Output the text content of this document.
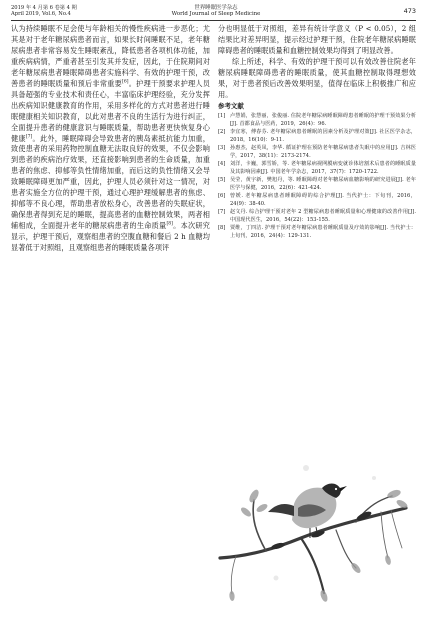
2019 年 4 月第 6 卷第 4 期
April 2019, Vol.6, No.4
世界睡眠医学杂志
World Journal of Sleep Medicine	473

认为持续睡眠不足会使与年龄相关的慢性疾病进一步恶化；尤其是对于老年糖尿病患者而言，如果长时间睡眠不足，老年糖尿病患者非常容易发生睡眠紊乱，降低患者各项机体功能，加重疾病病情，严重者甚至引发其并发症，因此，于住院期间对老年糖尿病患者睡眠障碍患者实施科学、有效的护理干预，改善患者的睡眠质量和预后非常重要[6]。护理干预要求护理人员具备超强的专业技术和责任心，丰富临床护理经验，充分发挥出疾病知识健康教育的作用，采用多样化的方式对患者进行睡眠健康相关知识教育，以此对患者不良的生活行为进行纠正，全面提升患者的健康意识与睡眠质量，帮助患者更快恢复身心健康[7]。此外，睡眠障碍会导致患者的胰岛素抵抗能力加重，致使患者的采用药物控制血糖无法取良好的效果，不仅会影响到患者的疾病治疗效果，还直接影响到患者的生命质量，加重患者的焦虑、抑郁等负性情绪加重，而后这的负性情绪又会导致睡眠障碍更加严重，因此，护理人员必须针对这一情况，对患者实施全方位的护理干预，通过心理护理缓解患者的焦虑、抑郁等不良心理，帮助患者放松身心，改善患者的失眠症状，确保患者得到充足的睡眠，提高患者的血糖控制效果，两者相辅相成，全面提升老年的糖尿病患者的生命质量[8]。本次研究显示，护理干预后，观察组患者的空腹血糖和餐后 2 h 血糖均显著低于对照组，且观察组患者的睡眠质量各项评

分也明显低于对照组，差异有统计学意义（P < 0.05），2 组结果比对差异明显，提示经过护理干预，住院老年糖尿病睡眠障碍患者的睡眠质量和血糖控制效果均得到了明显改善。

综上所述，科学、有效的护理干预可以有效改善住院老年糖尿病睡眠障碍患者的睡眠质量，使其血糖控制取得理想效果，对于患者预后改善效果明显，值得在临床上积极推广和应用。

参考文献
[1] 卢慧娟，张慧丽，张俊丽. 住院老年糖尿病睡眠障碍患者睡眠的护理干预效果分析[J]. 首都食品与医药，2019，26(4)：96.
[2] 李宜寒，傅春芬. 老年糖尿病患者睡眠的因素分析及护理对策[J]. 社区医学杂志，2018，16(10)：9-11.
[3] 孙惠杰，赵英凤，李华. 循证护理在预防老年糖尿病患者失眠中的应用[J]. 吉林医学，2017，38(11)：2173-2174.
[4] 刘洋，卡巍，郭雪娇，等. 老年糖尿病视网膜病变就诊体培割术后患者的睡眠质量及其影响因素[J]. 中国老年学杂志，2017，37(7)：1720-1722.
[5] 吴莹，黄宇新，樊旭丹，等. 睡眠障碍对老年糖尿病血糖影响的研究进展[J]. 老年医学与保健，2016，22(6)：421-424.
[6] 曾媛. 老年糖尿病患者睡眠障碍的综合护理[J]. 当代护士：下旬刊，2016，24(9)：38-40.
[7] 赵文丹. 综合护理干预对老年 2 型糖尿病患者睡眠质量和心理健康的改善作用[J]. 中国现代医生，2016，54(22)：153-155.
[8] 贾维，丁四洁. 护理干预对老年糖尿病患者睡眠质量及疗效的影响[J]. 当代护士：上旬刊，2016，24(4)：129-131.
